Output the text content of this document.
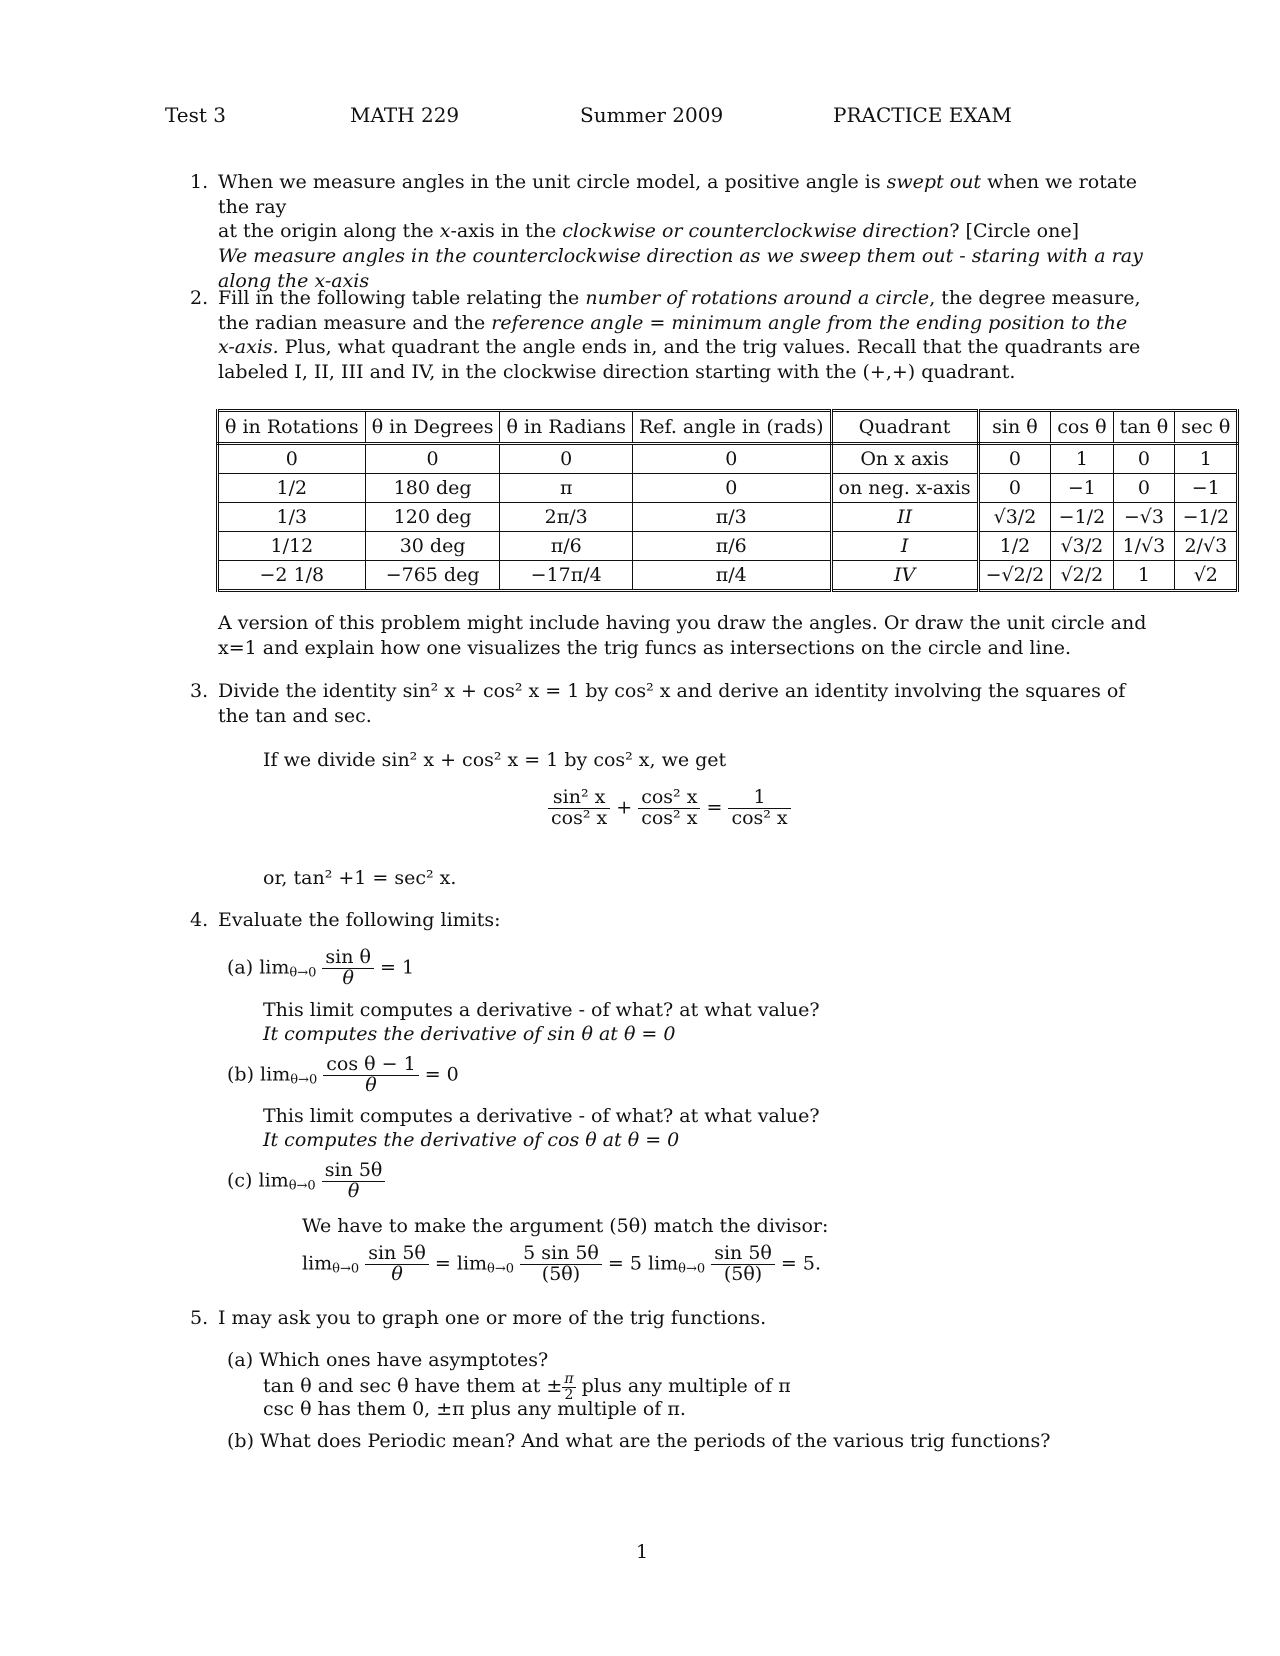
Test 3	MATH 229	Summer 2009	PRACTICE EXAM
1. When we measure angles in the unit circle model, a positive angle is swept out when we rotate the ray
at the origin along the x-axis in the clockwise or counterclockwise direction? [Circle one]
We measure angles in the counterclockwise direction as we sweep them out - staring with a ray along the x-axis
2. Fill in the following table relating the number of rotations around a circle, the degree measure, the radian measure and the reference angle = minimum angle from the ending position to the x-axis. Plus, what quadrant the angle ends in, and the trig values. Recall that the quadrants are labeled I, II, III and IV, in the clockwise direction starting with the (+,+) quadrant.
θ in Rotations	θ in Degrees	θ in Radians	Ref. angle in (rads)	Quadrant	sin θ	cos θ	tan θ	sec θ
0	0	0	0	On x axis	0	1	0	1
1/2	180 deg	π	0	on neg. x-axis	0	−1	0	−1
1/3	120 deg	2π/3	π/3	II	√3/2	−1/2	−√3	−1/2
1/12	30 deg	π/6	π/6	I	1/2	√3/2	1/√3	2/√3
−2 1/8	−765 deg	−17π/4	π/4	IV	−√2/2	√2/2	1	√2
A version of this problem might include having you draw the angles. Or draw the unit circle and x=1 and explain how one visualizes the trig funcs as intersections on the circle and line.
3. Divide the identity sin² x + cos² x = 1 by cos² x and derive an identity involving the squares of the tan and sec.
If we divide sin² x + cos² x = 1 by cos² x, we get
$\frac{\text{sin² x}}{\text{cos² x}} + \frac{\text{cos² x}}{\text{cos² x}} = \frac{1}{\text{cos² x}}$
or, tan² +1 = sec² x.
4. Evaluate the following limits:
(a) $\lim_{\theta\to 0} \frac{\text{sin θ}}{\theta} = 1$
This limit computes a derivative - of what? at what value?
It computes the derivative of sin θ at θ = 0
(b) $\lim_{\theta\to 0} \frac{\text{cos θ − 1}}{\theta} = 0$
This limit computes a derivative - of what? at what value?
It computes the derivative of cos θ at θ = 0
(c) $\lim_{\theta\to 0} \frac{\sin 5\theta}{\theta}$
We have to make the argument (5θ) match the divisor:
$\lim_{\theta\to 0} \frac{\sin 5\theta}{\theta} = \lim_{\theta\to 0} \frac{5 \sin 5\theta}{(5\theta)} = 5$ $\lim_{\theta\to 0} \frac{\sin 5\theta}{(5\theta)} = 5$.
5. I may ask you to graph one or more of the trig functions.
(a) Which ones have asymptotes?
tan θ and sec θ have them at ± $\frac{\pi}{2}$ plus any multiple of π
csc θ has them 0, ±π plus any multiple of π.
(b) What does Periodic mean? And what are the periods of the various trig functions?
1
